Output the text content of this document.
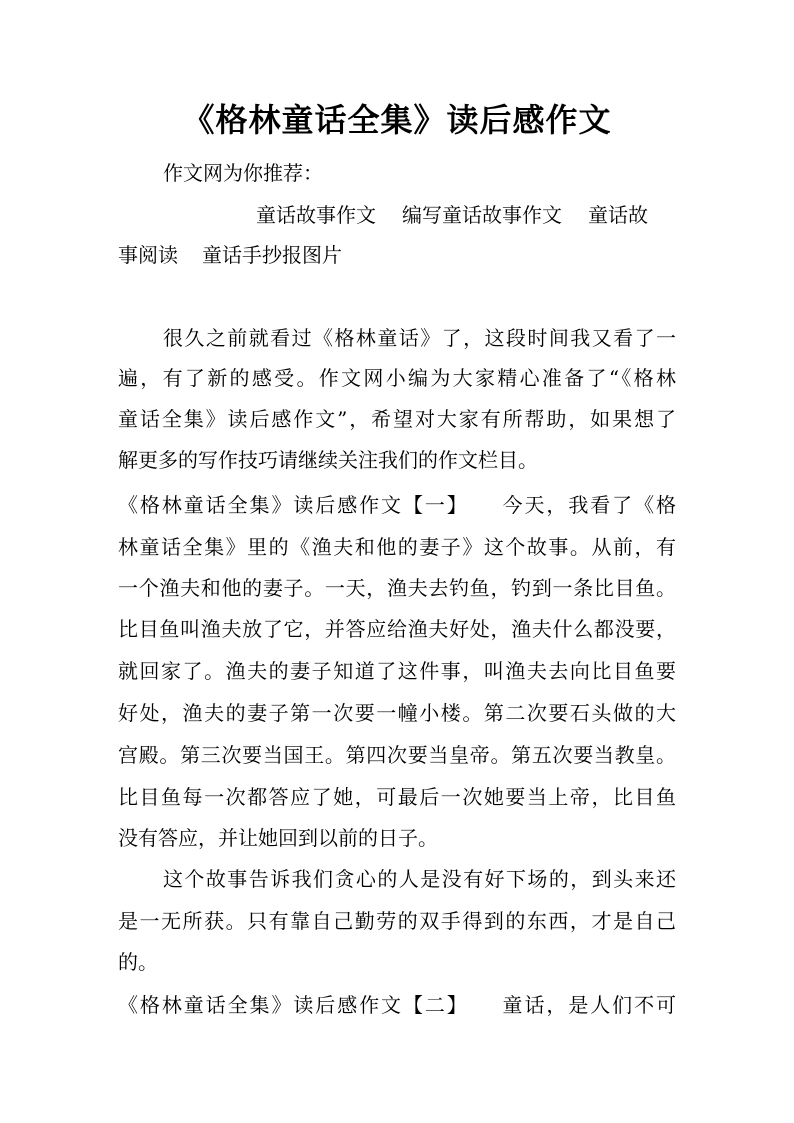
《格林童话全集》读后感作文
作文网为你推荐：
童话故事作文 编写童话故事作文 童话故
事阅读 童话手抄报图片
很久之前就看过《格林童话》了，这段时间我又看了一
遍，有了新的感受。作文网小编为大家精心准备了“《格林
童话全集》读后感作文”，希望对大家有所帮助，如果想了
解更多的写作技巧请继续关注我们的作文栏目。
《格林童话全集》读后感作文【一】　　今天，我看了《格
林童话全集》里的《渔夫和他的妻子》这个故事。从前，有
一个渔夫和他的妻子。一天，渔夫去钓鱼，钓到一条比目鱼。
比目鱼叫渔夫放了它，并答应给渔夫好处，渔夫什么都没要，
就回家了。渔夫的妻子知道了这件事，叫渔夫去向比目鱼要
好处，渔夫的妻子第一次要一幢小楼。第二次要石头做的大
宫殿。第三次要当国王。第四次要当皇帝。第五次要当教皇。
比目鱼每一次都答应了她，可最后一次她要当上帝，比目鱼
没有答应，并让她回到以前的日子。
这个故事告诉我们贪心的人是没有好下场的，到头来还
是一无所获。只有靠自己勤劳的双手得到的东西，才是自己
的。
《格林童话全集》读后感作文【二】　　童话，是人们不可
